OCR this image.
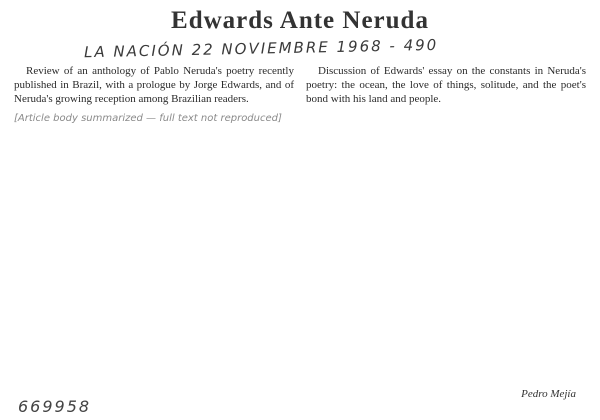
Edwards Ante Neruda
LA NACIÓN 22 NOVIEMBRE 1968 - 490

Review of an anthology of Pablo Neruda's poetry recently published in Brazil, with a prologue by Jorge Edwards, and of Neruda's growing reception among Brazilian readers.

[Article body summarized — full text not reproduced]

Discussion of Edwards' essay on the constants in Neruda's poetry: the ocean, the love of things, solitude, and the poet's bond with his land and people.

Pedro Mejía
669958
